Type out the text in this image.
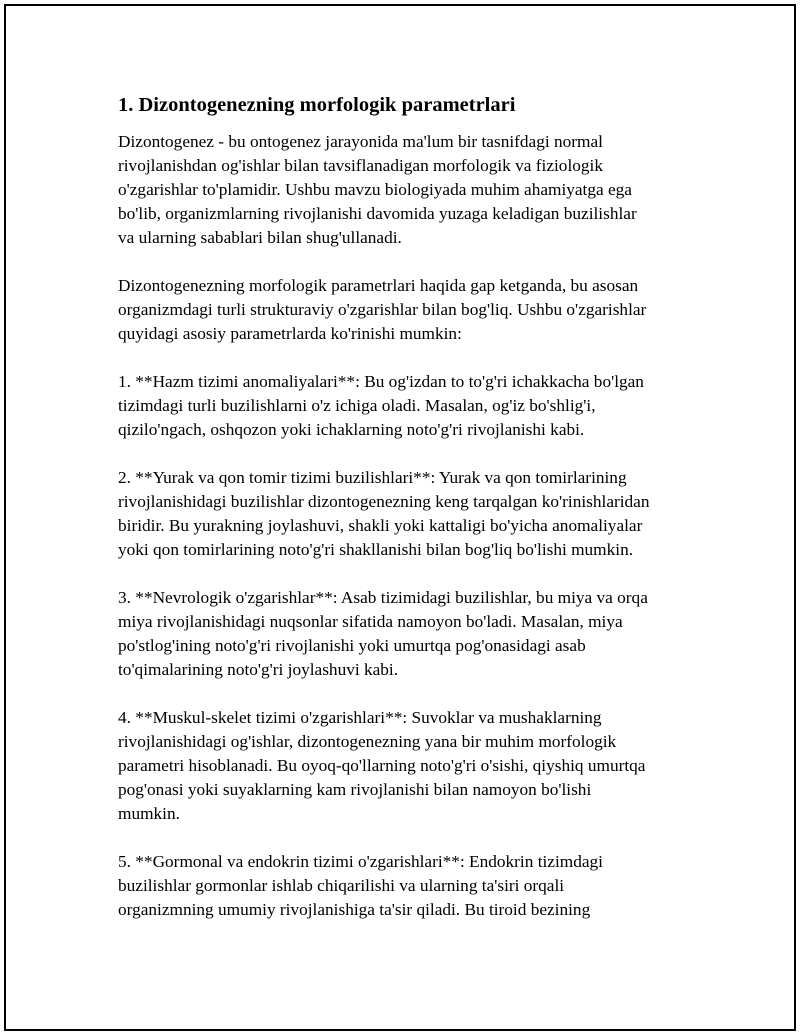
1. Dizontogenezning morfologik parametrlari

Dizontogenez - bu ontogenez jarayonida ma'lum bir tasnifdagi normal
rivojlanishdan og'ishlar bilan tavsiflanadigan morfologik va fiziologik
o'zgarishlar to'plamidir. Ushbu mavzu biologiyada muhim ahamiyatga ega
bo'lib, organizmlarning rivojlanishi davomida yuzaga keladigan buzilishlar
va ularning sabablari bilan shug'ullanadi.

Dizontogenezning morfologik parametrlari haqida gap ketganda, bu asosan
organizmdagi turli strukturaviy o'zgarishlar bilan bog'liq. Ushbu o'zgarishlar
quyidagi asosiy parametrlarda ko'rinishi mumkin:

1. **Hazm tizimi anomaliyalari**: Bu og'izdan to to'g'ri ichakkacha bo'lgan
tizimdagi turli buzilishlarni o'z ichiga oladi. Masalan, og'iz bo'shlig'i,
qizilo'ngach, oshqozon yoki ichaklarning noto'g'ri rivojlanishi kabi.

2. **Yurak va qon tomir tizimi buzilishlari**: Yurak va qon tomirlarining
rivojlanishidagi buzilishlar dizontogenezning keng tarqalgan ko'rinishlaridan
biridir. Bu yurakning joylashuvi, shakli yoki kattaligi bo'yicha anomaliyalar
yoki qon tomirlarining noto'g'ri shakllanishi bilan bog'liq bo'lishi mumkin.

3. **Nevrologik o'zgarishlar**: Asab tizimidagi buzilishlar, bu miya va orqa
miya rivojlanishidagi nuqsonlar sifatida namoyon bo'ladi. Masalan, miya
po'stlog'ining noto'g'ri rivojlanishi yoki umurtqa pog'onasidagi asab
to'qimalarining noto'g'ri joylashuvi kabi.

4. **Muskul-skelet tizimi o'zgarishlari**: Suvoklar va mushaklarning
rivojlanishidagi og'ishlar, dizontogenezning yana bir muhim morfologik
parametri hisoblanadi. Bu oyoq-qo'llarning noto'g'ri o'sishi, qiyshiq umurtqa
pog'onasi yoki suyaklarning kam rivojlanishi bilan namoyon bo'lishi
mumkin.

5. **Gormonal va endokrin tizimi o'zgarishlari**: Endokrin tizimdagi
buzilishlar gormonlar ishlab chiqarilishi va ularning ta'siri orqali
organizmning umumiy rivojlanishiga ta'sir qiladi. Bu tiroid bezining
